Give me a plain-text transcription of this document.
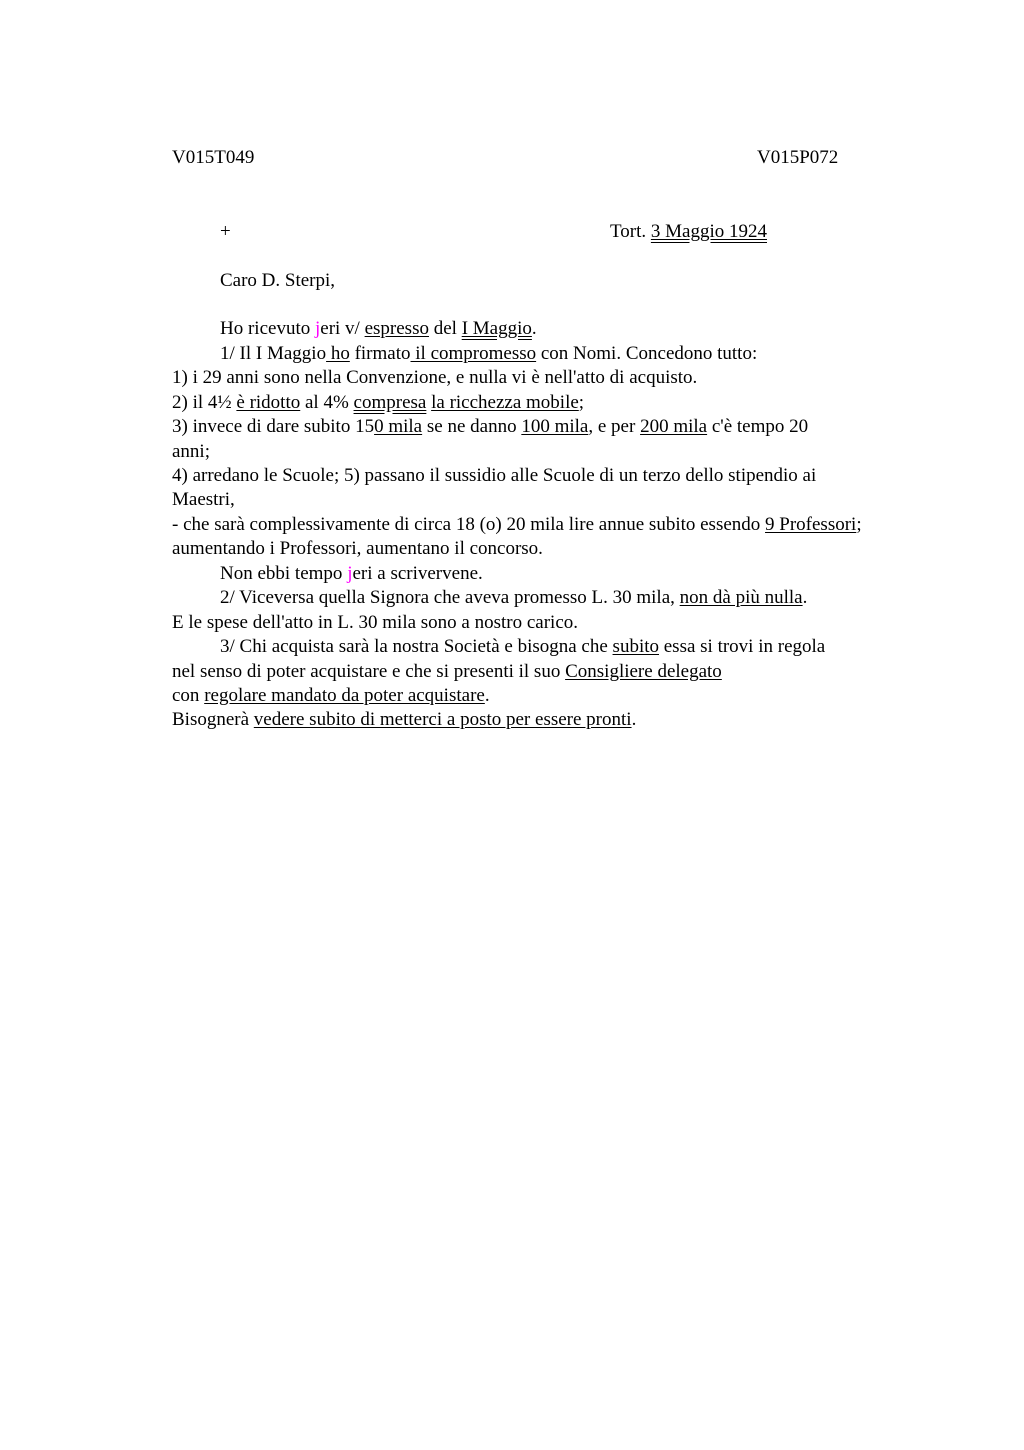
V015T049	V015P072
+	Tort. 3 Maggio 1924
Caro D. Sterpi,
Ho ricevuto jeri v/ espresso del I Maggio.
1/ Il I Maggio ho firmato il compromesso con Nomi. Concedono tutto:
1) i 29 anni sono nella Convenzione, e nulla vi è nell'atto di acquisto.
2) il 4½ è ridotto al 4% compresa la ricchezza mobile;
3) invece di dare subito 150 mila se ne danno 100 mila, e per 200 mila c'è tempo 20
anni;
4) arredano le Scuole; 5) passano il sussidio alle Scuole di un terzo dello stipendio ai
Maestri,
- che sarà complessivamente di circa 18 (o) 20 mila lire annue subito essendo 9 Professori;
aumentando i Professori, aumentano il concorso.
Non ebbi tempo jeri a scrivervene.
2/ Viceversa quella Signora che aveva promesso L. 30 mila, non dà più nulla.
E le spese dell'atto in L. 30 mila sono a nostro carico.
3/ Chi acquista sarà la nostra Società e bisogna che subito essa si trovi in regola
nel senso di poter acquistare e che si presenti il suo Consigliere delegato
con regolare mandato da poter acquistare.
Bisognerà vedere subito di metterci a posto per essere pronti.
